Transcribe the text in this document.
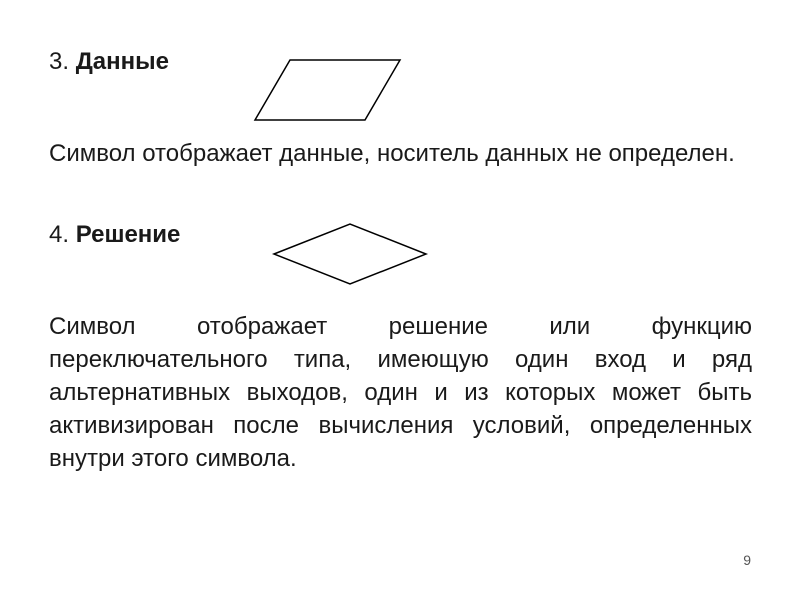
3. Данные
Символ отображает данные, носитель данных не определен.
4. Решение
Символ отображает решение или функцию переключательного типа, имеющую один вход и ряд альтернативных выходов, один и из которых может быть активизирован после вычисления условий, определенных внутри этого символа.
9
